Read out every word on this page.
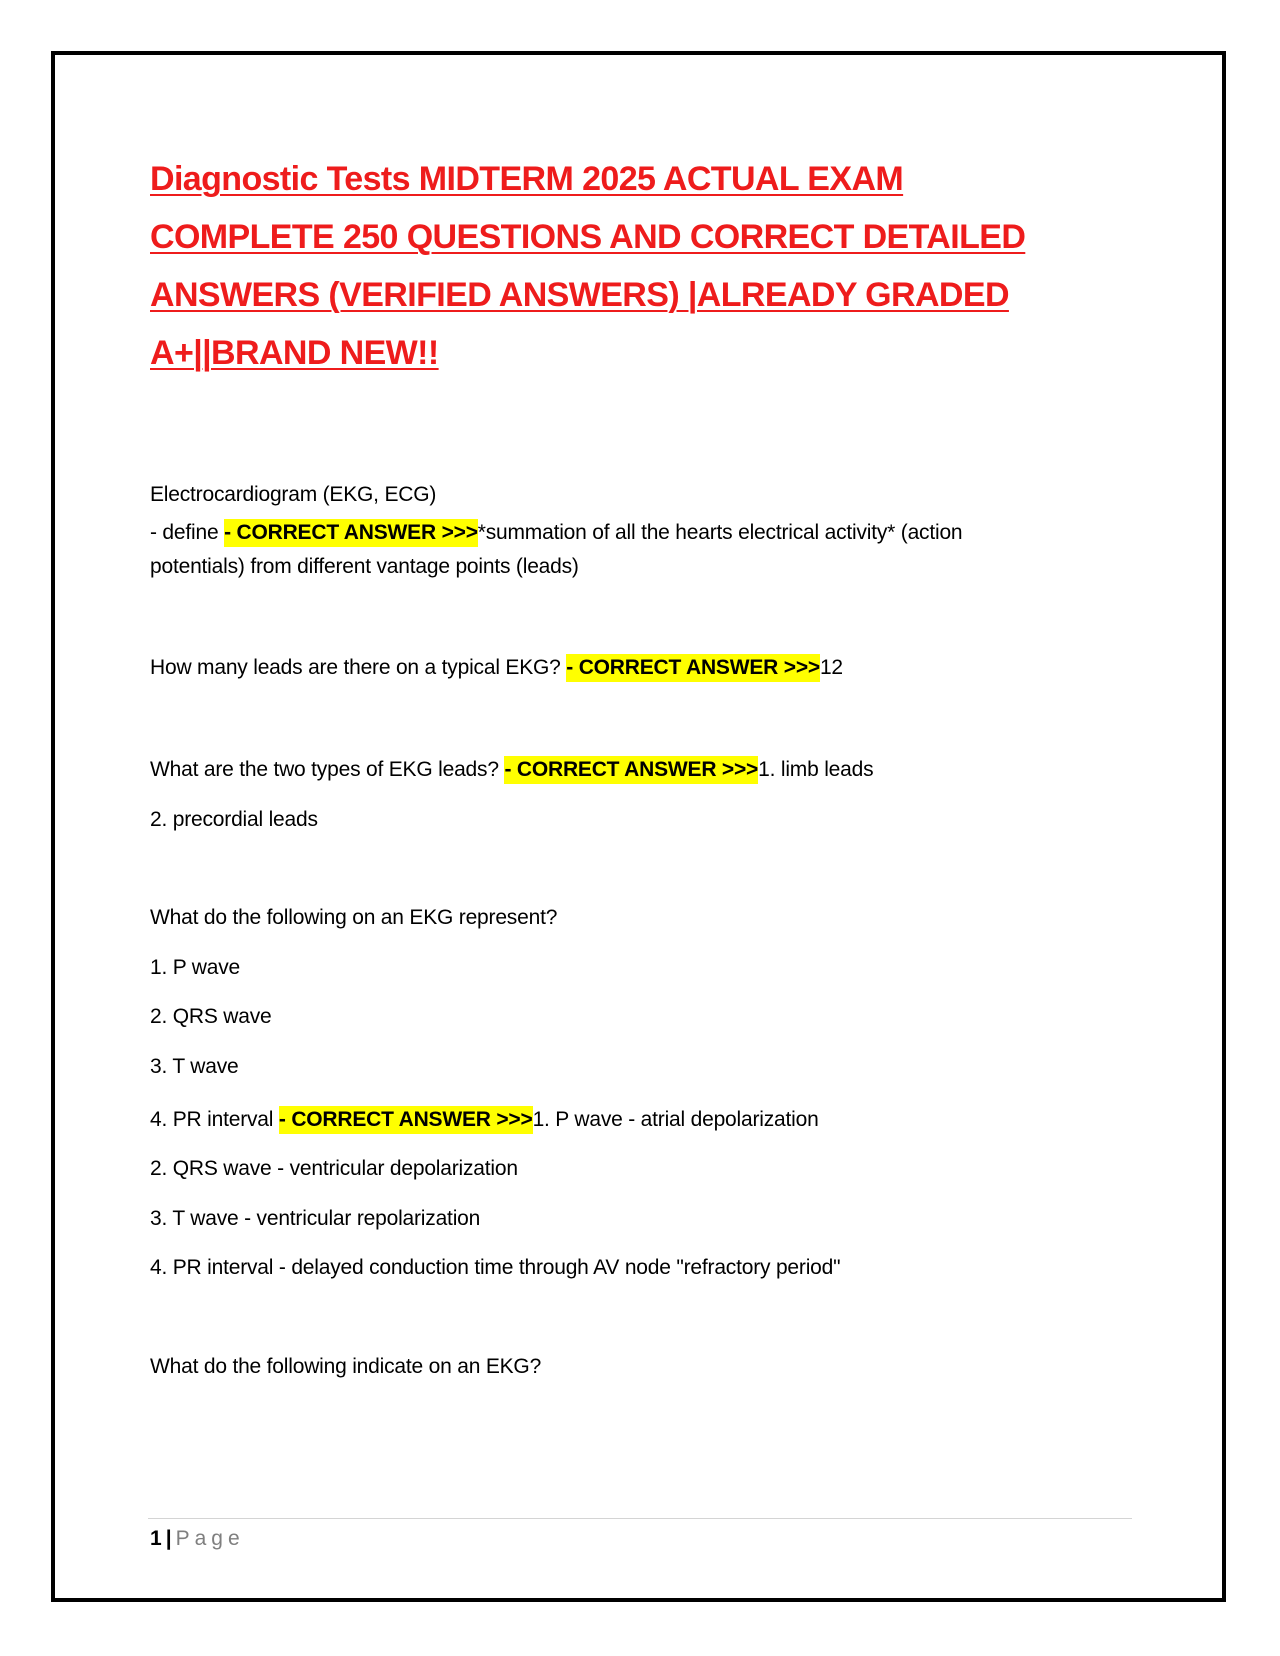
Diagnostic Tests MIDTERM 2025 ACTUAL EXAM COMPLETE 250 QUESTIONS AND CORRECT DETAILED ANSWERS (VERIFIED ANSWERS) |ALREADY GRADED A+||BRAND NEW!!

Electrocardiogram (EKG, ECG)

- define - CORRECT ANSWER >>>*summation of all the hearts electrical activity* (action

potentials) from different vantage points (leads)

How many leads are there on a typical EKG? - CORRECT ANSWER >>>12

What are the two types of EKG leads? - CORRECT ANSWER >>>1. limb leads

2. precordial leads

What do the following on an EKG represent?

1. P wave

2. QRS wave

3. T wave

4. PR interval - CORRECT ANSWER >>>1. P wave - atrial depolarization

2. QRS wave - ventricular depolarization

3. T wave - ventricular repolarization

4. PR interval - delayed conduction time through AV node "refractory period"

What do the following indicate on an EKG?

1 | Page
